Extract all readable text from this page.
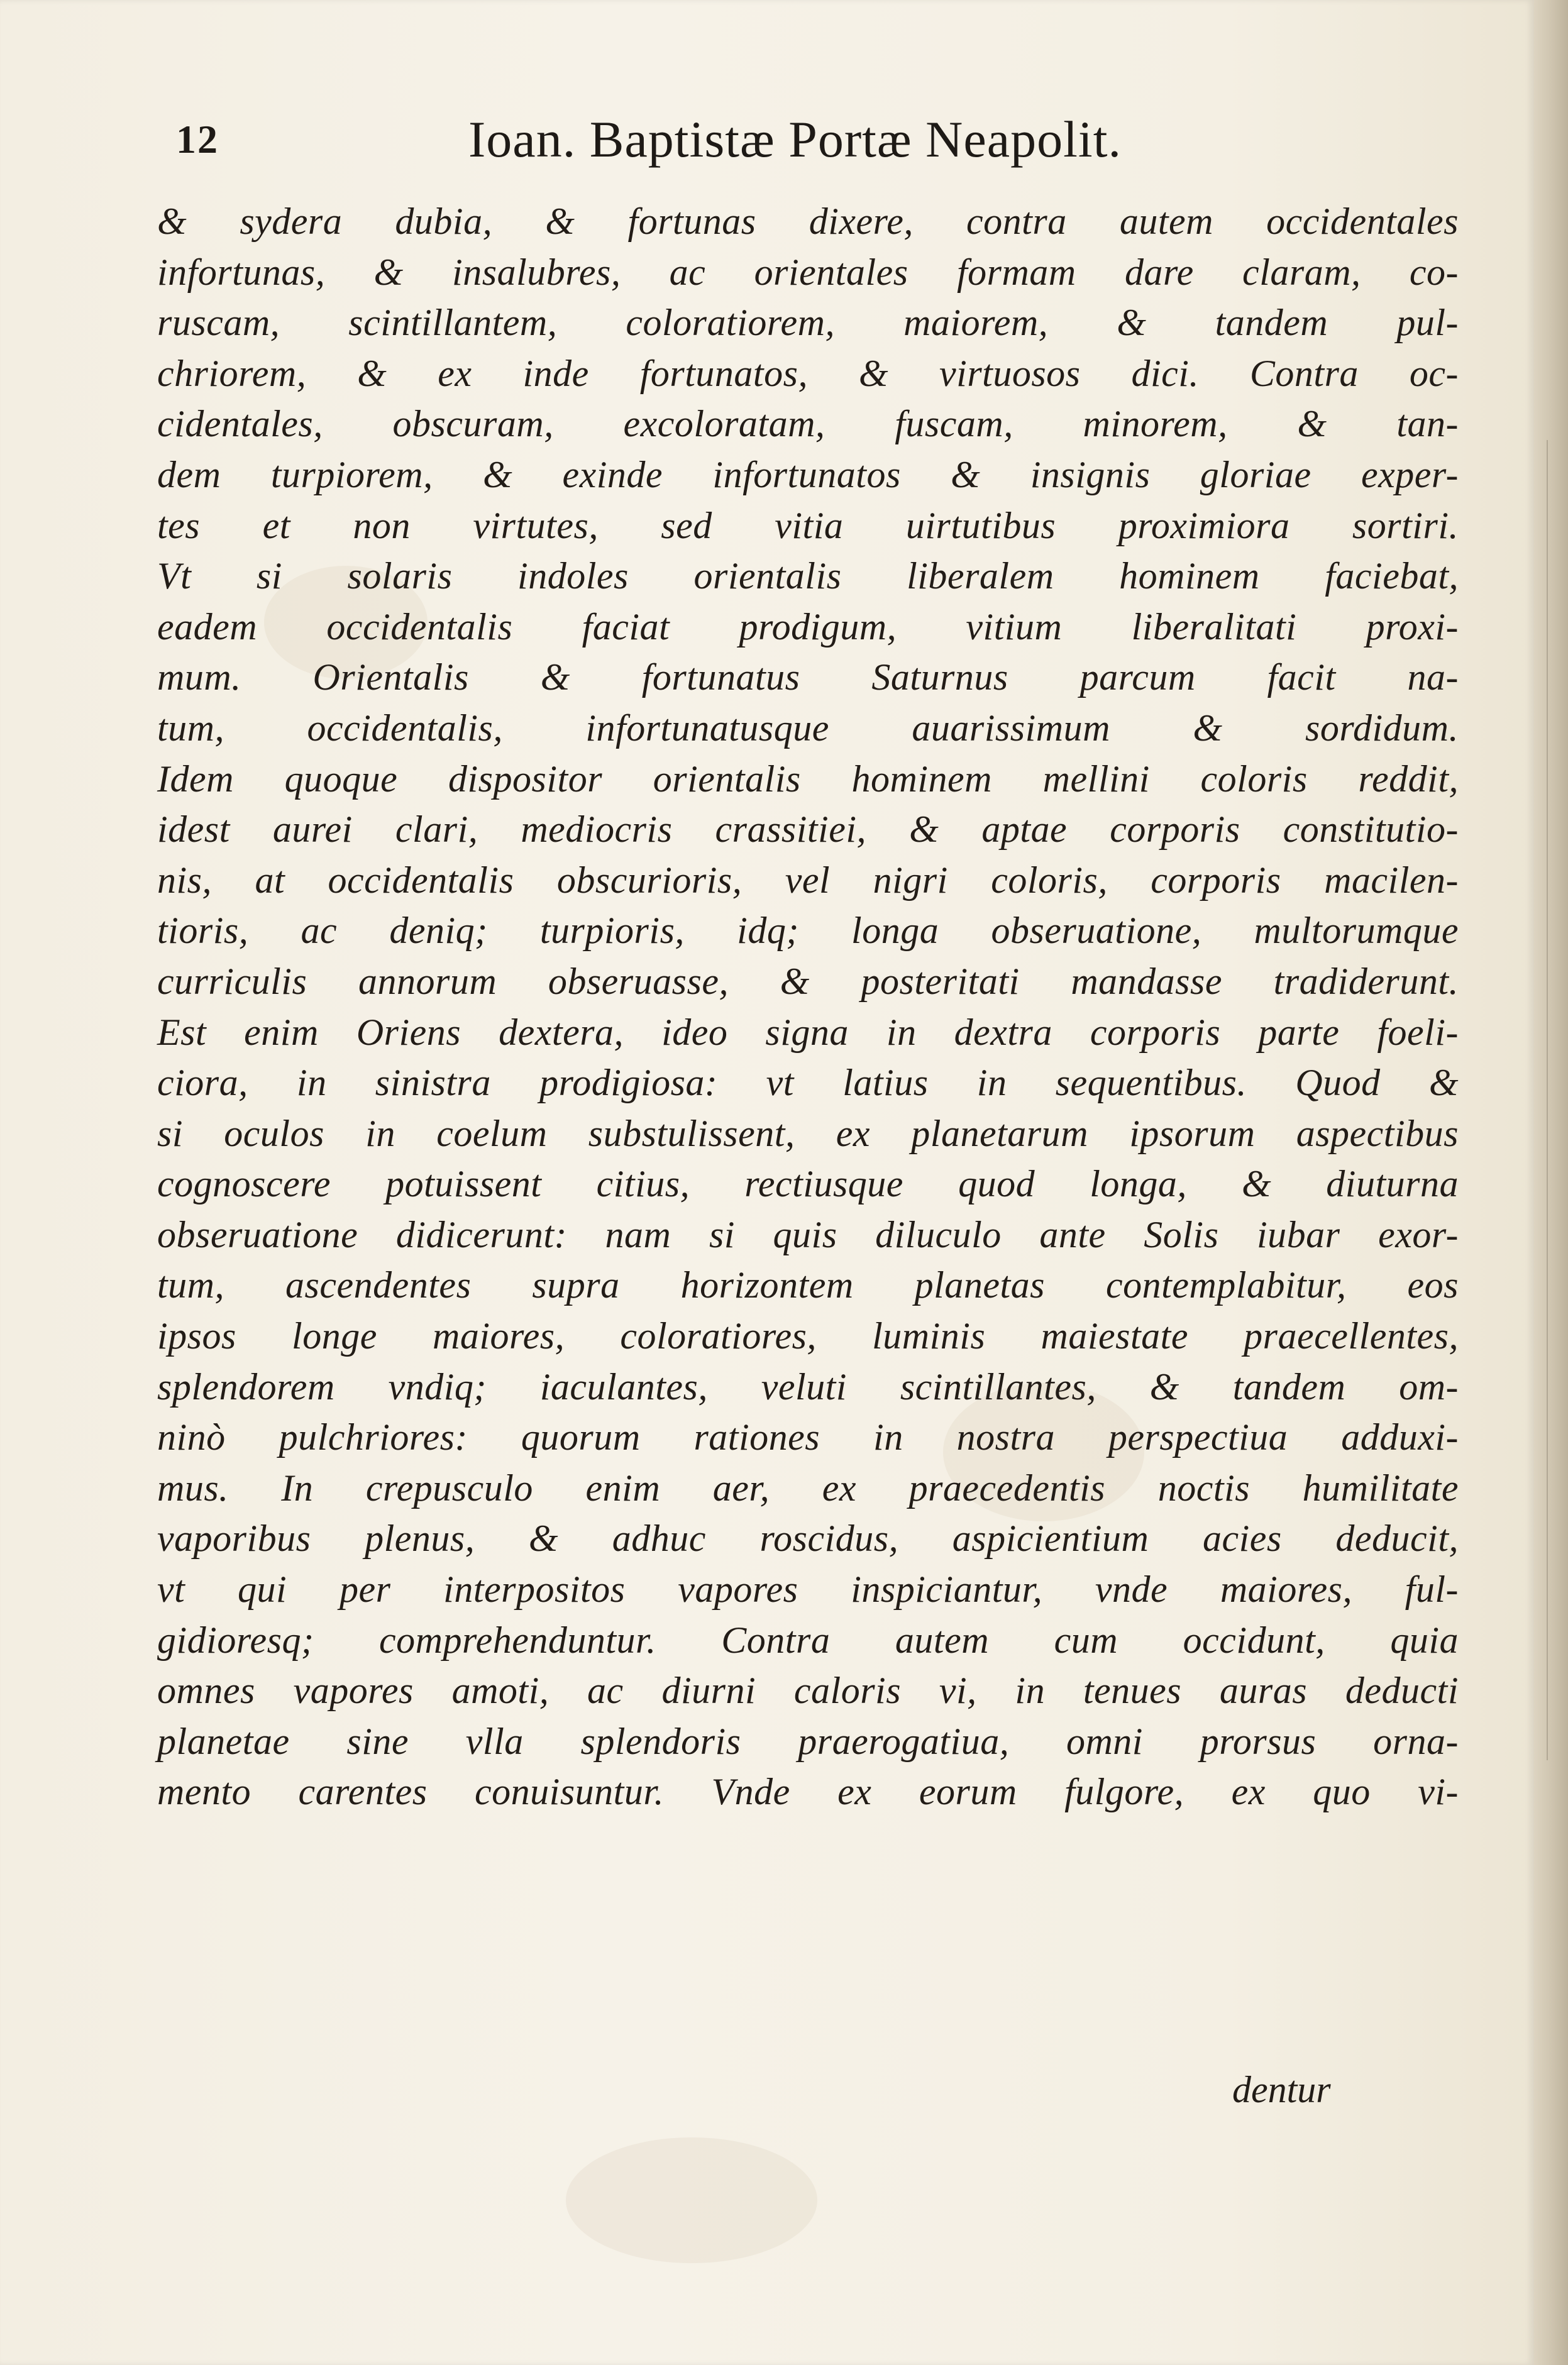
12	Ioan. Baptistæ Portæ Neapolit.
& sydera dubia, & fortunas dixere, contra autem occidentales
infortunas, & insalubres, ac orientales formam dare claram, co-
ruscam, scintillantem, coloratiorem, maiorem, & tandem pul-
chriorem, & ex inde fortunatos, & virtuosos dici. Contra oc-
cidentales, obscuram, excoloratam, fuscam, minorem, & tan-
dem turpiorem, & exinde infortunatos & insignis gloriae exper-
tes et non virtutes, sed vitia uirtutibus proximiora sortiri.
Vt si solaris indoles orientalis liberalem hominem faciebat,
eadem occidentalis faciat prodigum, vitium liberalitati proxi-
mum. Orientalis & fortunatus Saturnus parcum facit na-
tum, occidentalis, infortunatusque auarissimum & sordidum.
Idem quoque dispositor orientalis hominem mellini coloris reddit,
idest aurei clari, mediocris crassitiei, & aptae corporis constitutio-
nis, at occidentalis obscurioris, vel nigri coloris, corporis macilen-
tioris, ac deniq; turpioris, idq; longa obseruatione, multorumque
curriculis annorum obseruasse, & posteritati mandasse tradiderunt.
Est enim Oriens dextera, ideo signa in dextra corporis parte foeli-
ciora, in sinistra prodigiosa: vt latius in sequentibus. Quod &
si oculos in coelum substulissent, ex planetarum ipsorum aspectibus
cognoscere potuissent citius, rectiusque quod longa, & diuturna
obseruatione didicerunt: nam si quis diluculo ante Solis iubar exor-
tum, ascendentes supra horizontem planetas contemplabitur, eos
ipsos longe maiores, coloratiores, luminis maiestate praecellentes,
splendorem vndiq; iaculantes, veluti scintillantes, & tandem om-
ninò pulchriores: quorum rationes in nostra perspectiua adduxi-
mus. In crepusculo enim aer, ex praecedentis noctis humilitate
vaporibus plenus, & adhuc roscidus, aspicientium acies deducit,
vt qui per interpositos vapores inspiciantur, vnde maiores, ful-
gidioresq; comprehenduntur. Contra autem cum occidunt, quia
omnes vapores amoti, ac diurni caloris vi, in tenues auras deducti
planetae sine vlla splendoris praerogatiua, omni prorsus orna-
mento carentes conuisuntur. Vnde ex eorum fulgore, ex quo vi-
dentur
